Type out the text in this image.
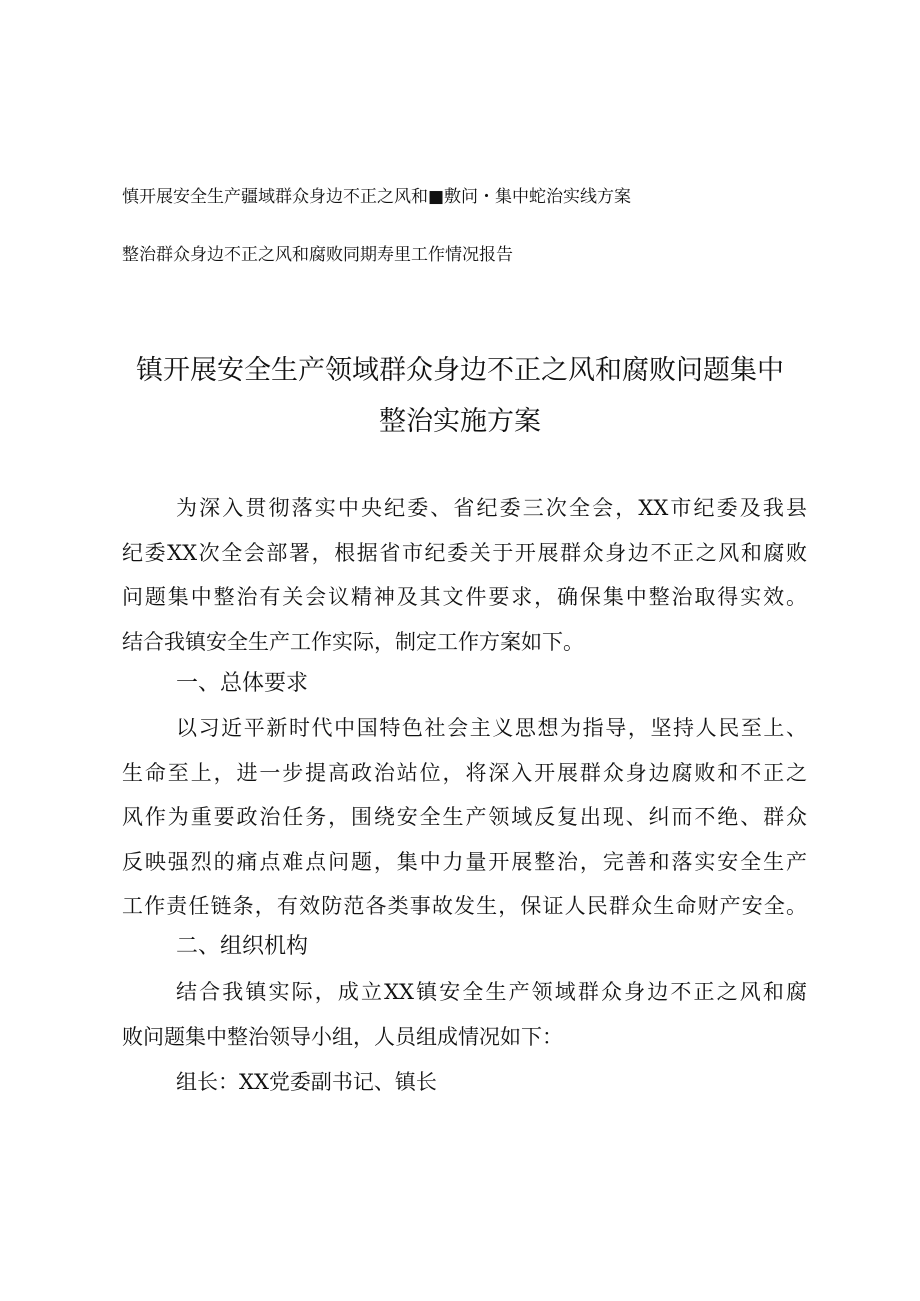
慎开展安全生产疆域群众身边不正之风和■敷问・集中蛇治实线方案
整治群众身边不正之风和腐败同期寿里工作情况报告
镇开展安全生产领域群众身边不正之风和腐败问题集中
整治实施方案
为深入贯彻落实中央纪委、省纪委三次全会，XX市纪委及我县
纪委XX次全会部署，根据省市纪委关于开展群众身边不正之风和腐败
问题集中整治有关会议精神及其文件要求，确保集中整治取得实效。
结合我镇安全生产工作实际，制定工作方案如下。
一、总体要求
以习近平新时代中国特色社会主义思想为指导，坚持人民至上、
生命至上，进一步提高政治站位，将深入开展群众身边腐败和不正之
风作为重要政治任务，围绕安全生产领域反复出现、纠而不绝、群众
反映强烈的痛点难点问题，集中力量开展整治，完善和落实安全生产
工作责任链条，有效防范各类事故发生，保证人民群众生命财产安全。
二、组织机构
结合我镇实际，成立XX镇安全生产领域群众身边不正之风和腐
败问题集中整治领导小组，人员组成情况如下：
组长：XX党委副书记、镇长
